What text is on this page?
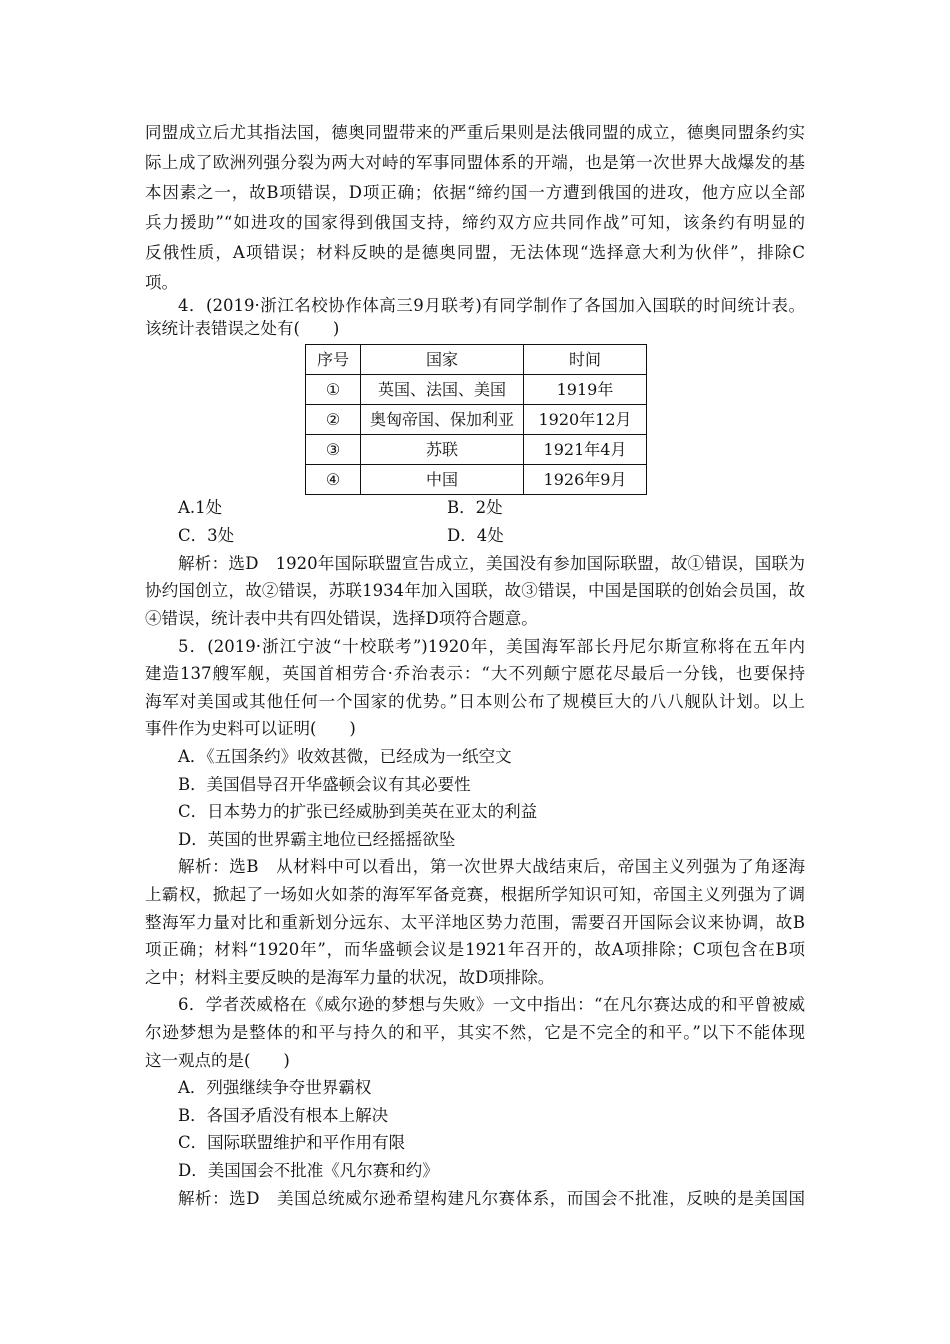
同盟成立后尤其指法国，德奥同盟带来的严重后果则是法俄同盟的成立，德奥同盟条约实
际上成了欧洲列强分裂为两大对峙的军事同盟体系的开端，也是第一次世界大战爆发的基
本因素之一，故B项错误，D项正确；依据“缔约国一方遭到俄国的进攻，他方应以全部
兵力援助”“如进攻的国家得到俄国支持，缔约双方应共同作战”可知，该条约有明显的
反俄性质，A项错误；材料反映的是德奥同盟，无法体现“选择意大利为伙伴”，排除C
项。
4．(2019·浙江名校协作体高三9月联考)有同学制作了各国加入国联的时间统计表。
该统计表错误之处有(　　)
序号	国家	时间
①	英国、法国、美国	1919年
②	奥匈帝国、保加利亚	1920年12月
③	苏联	1921年4月
④	中国	1926年9月
A.1处	B．2处
C．3处	D．4处
解析：选D　1920年国际联盟宣告成立，美国没有参加国际联盟，故①错误，国联为
协约国创立，故②错误，苏联1934年加入国联，故③错误，中国是国联的创始会员国，故
④错误，统计表中共有四处错误，选择D项符合题意。
5．(2019·浙江宁波“十校联考”)1920年，美国海军部长丹尼尔斯宣称将在五年内
建造137艘军舰，英国首相劳合·乔治表示：“大不列颠宁愿花尽最后一分钱，也要保持
海军对美国或其他任何一个国家的优势。”日本则公布了规模巨大的八八舰队计划。以上
事件作为史料可以证明(　　)
A．《五国条约》收效甚微，已经成为一纸空文
B．美国倡导召开华盛顿会议有其必要性
C．日本势力的扩张已经威胁到美英在亚太的利益
D．英国的世界霸主地位已经摇摇欲坠
解析：选B　从材料中可以看出，第一次世界大战结束后，帝国主义列强为了角逐海
上霸权，掀起了一场如火如荼的海军军备竞赛，根据所学知识可知，帝国主义列强为了调
整海军力量对比和重新划分远东、太平洋地区势力范围，需要召开国际会议来协调，故B
项正确；材料“1920年”，而华盛顿会议是1921年召开的，故A项排除；C项包含在B项
之中；材料主要反映的是海军力量的状况，故D项排除。
6．学者茨威格在《威尔逊的梦想与失败》一文中指出：“在凡尔赛达成的和平曾被威
尔逊梦想为是整体的和平与持久的和平，其实不然，它是不完全的和平。”以下不能体现
这一观点的是(　　)
A．列强继续争夺世界霸权
B．各国矛盾没有根本上解决
C．国际联盟维护和平作用有限
D．美国国会不批准《凡尔赛和约》
解析：选D　美国总统威尔逊希望构建凡尔赛体系，而国会不批准，反映的是美国国
